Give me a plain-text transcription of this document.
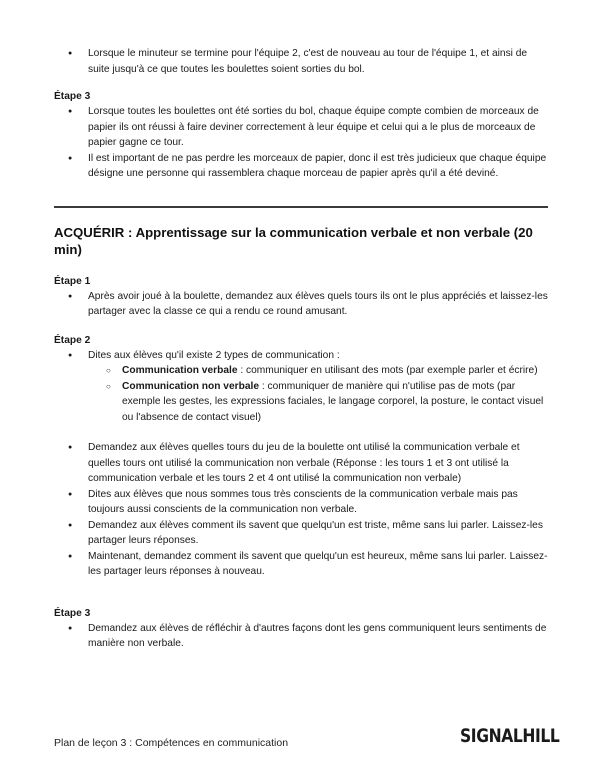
● Lorsque le minuteur se termine pour l'équipe 2, c'est de nouveau au tour de l'équipe 1, et ainsi de suite jusqu'à ce que toutes les boulettes soient sorties du bol.
Étape 3
● Lorsque toutes les boulettes ont été sorties du bol, chaque équipe compte combien de morceaux de papier ils ont réussi à faire deviner correctement à leur équipe et celui qui a le plus de morceaux de papier gagne ce tour.
● Il est important de ne pas perdre les morceaux de papier, donc il est très judicieux que chaque équipe désigne une personne qui rassemblera chaque morceau de papier après qu'il a été deviné.
ACQUÉRIR : Apprentissage sur la communication verbale et non verbale (20 min)
Étape 1
● Après avoir joué à la boulette, demandez aux élèves quels tours ils ont le plus appréciés et laissez-les partager avec la classe ce qui a rendu ce round amusant.
Étape 2
● Dites aux élèves qu'il existe 2 types de communication :
○ Communication verbale : communiquer en utilisant des mots (par exemple parler et écrire)
○ Communication non verbale : communiquer de manière qui n'utilise pas de mots (par exemple les gestes, les expressions faciales, le langage corporel, la posture, le contact visuel ou l'absence de contact visuel)
● Demandez aux élèves quelles tours du jeu de la boulette ont utilisé la communication verbale et quelles tours ont utilisé la communication non verbale (Réponse : les tours 1 et 3 ont utilisé la communication verbale et les tours 2 et 4 ont utilisé la communication non verbale)
● Dites aux élèves que nous sommes tous très conscients de la communication verbale mais pas toujours aussi conscients de la communication non verbale.
● Demandez aux élèves comment ils savent que quelqu'un est triste, même sans lui parler. Laissez-les partager leurs réponses.
● Maintenant, demandez comment ils savent que quelqu'un est heureux, même sans lui parler. Laissez-les partager leurs réponses à nouveau.
Étape 3
● Demandez aux élèves de réfléchir à d'autres façons dont les gens communiquent leurs sentiments de manière non verbale.
Plan de leçon 3 : Compétences en communication	SIGNALHILL
